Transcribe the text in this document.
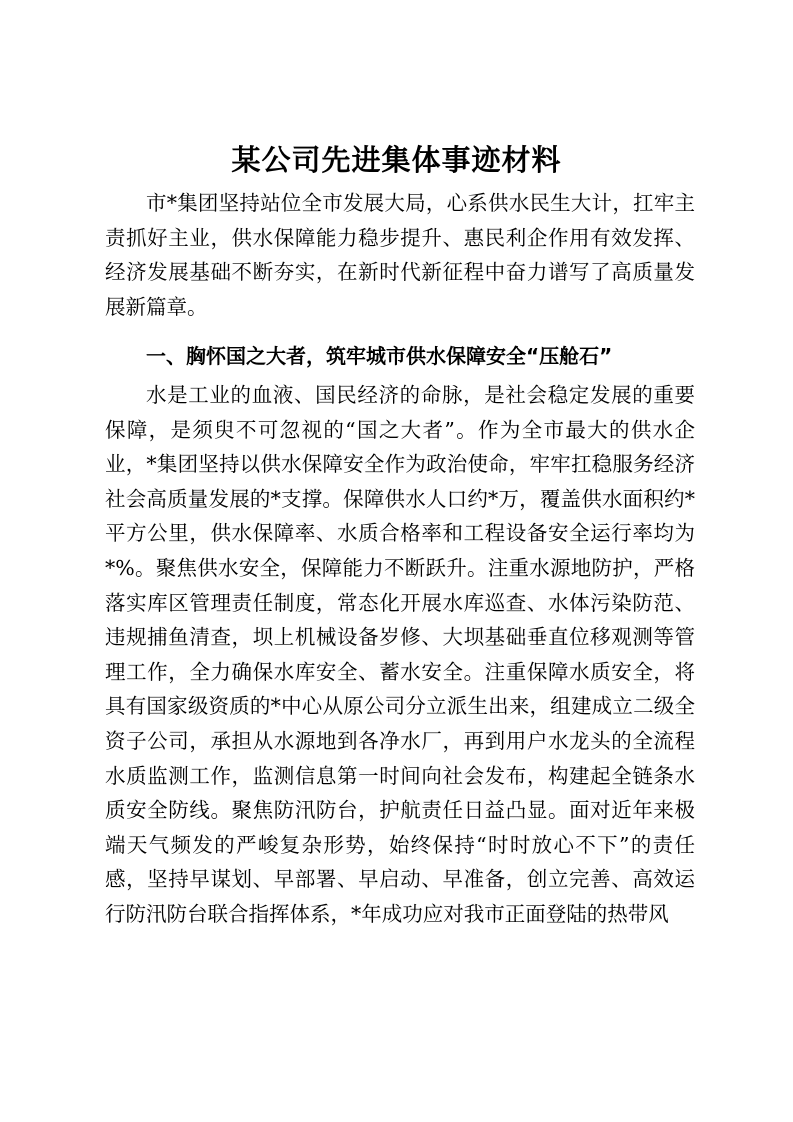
某公司先进集体事迹材料

市*集团坚持站位全市发展大局，心系供水民生大计，扛牢主责抓好主业，供水保障能力稳步提升、惠民利企作用有效发挥、经济发展基础不断夯实，在新时代新征程中奋力谱写了高质量发展新篇章。

一、胸怀国之大者，筑牢城市供水保障安全“压舱石”

水是工业的血液、国民经济的命脉，是社会稳定发展的重要保障，是须臾不可忽视的“国之大者”。作为全市最大的供水企业，*集团坚持以供水保障安全作为政治使命，牢牢扛稳服务经济社会高质量发展的*支撑。保障供水人口约*万，覆盖供水面积约*平方公里，供水保障率、水质合格率和工程设备安全运行率均为*%。聚焦供水安全，保障能力不断跃升。注重水源地防护，严格落实库区管理责任制度，常态化开展水库巡查、水体污染防范、违规捕鱼清查，坝上机械设备岁修、大坝基础垂直位移观测等管理工作，全力确保水库安全、蓄水安全。注重保障水质安全，将具有国家级资质的*中心从原公司分立派生出来，组建成立二级全资子公司，承担从水源地到各净水厂，再到用户水龙头的全流程水质监测工作，监测信息第一时间向社会发布，构建起全链条水质安全防线。聚焦防汛防台，护航责任日益凸显。面对近年来极端天气频发的严峻复杂形势，始终保持“时时放心不下”的责任感，坚持早谋划、早部署、早启动、早准备，创立完善、高效运行防汛防台联合指挥体系，*年成功应对我市正面登陆的热带风
